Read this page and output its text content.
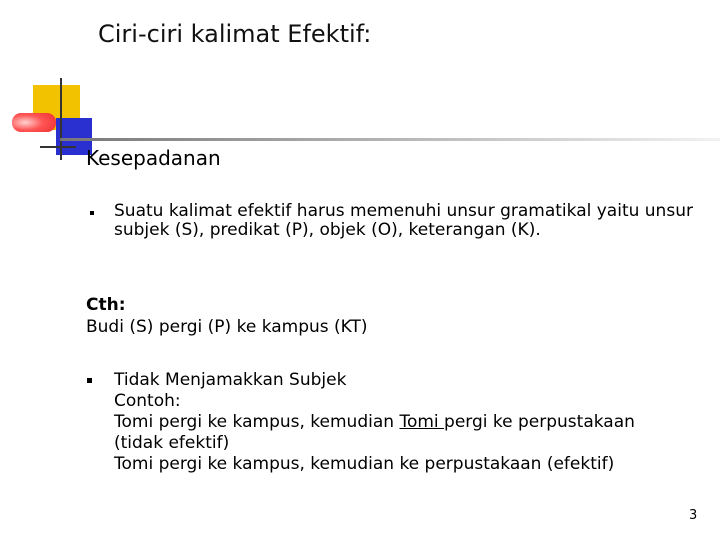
Ciri-ciri kalimat Efektif:
Kesepadanan
Suatu kalimat efektif harus memenuhi unsur gramatikal yaitu unsur subjek (S), predikat (P), objek (O), keterangan (K).
Cth:
Budi (S) pergi (P) ke kampus (KT)
Tidak Menjamakkan Subjek
Contoh:
Tomi pergi ke kampus, kemudian Tomi pergi ke perpustakaan
(tidak efektif)
Tomi pergi ke kampus, kemudian ke perpustakaan (efektif)
3
